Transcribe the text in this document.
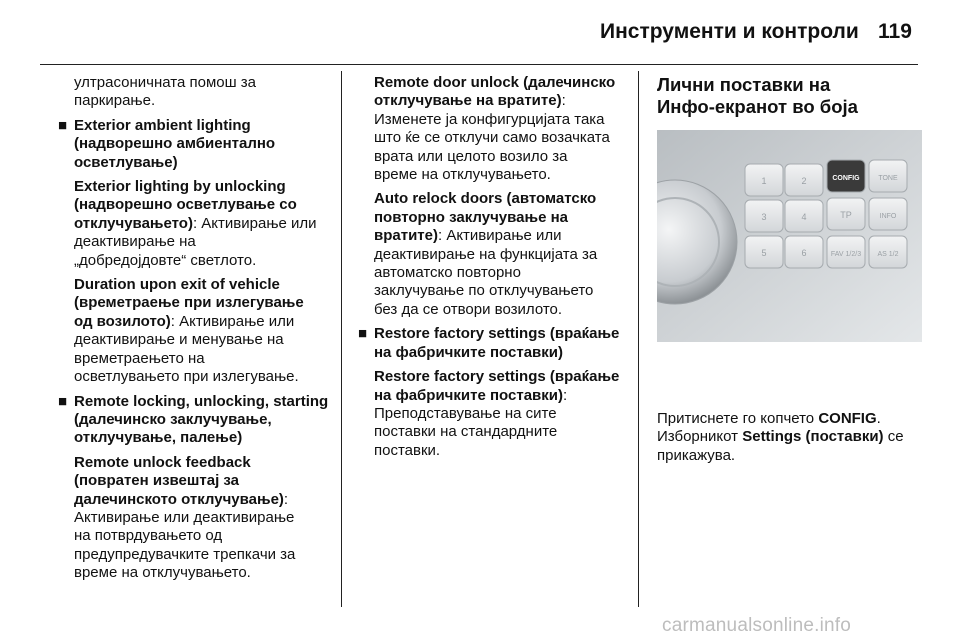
Инструменти и контроли 119

ултрасоничната помош за

паркирање.

■ Exterior ambient lighting

(надворешно амбиентално

осветлување)

Exterior lighting by unlocking

(надворешно осветлување со

отклучувањето): Активирање или

деактивирање на

„добредојдовте“ светлото.

Duration upon exit of vehicle

(времетраење при излегување

од возилото): Активирање или

деактивирање и менување на

времетраењето на

осветлувањето при излегување.

■ Remote locking, unlocking, starting

(далечинско заклучување,

отклучување, палење)

Remote unlock feedback

(повратен извештај за

далечинското отклучување):

Активирање или деактивирање

на потврдувањето од

предупредувачките трепкачи за

време на отклучувањето.

Remote door unlock (далечинско

отклучување на вратите):

Изменете ја конфигурцијата така

што ќе се отклучи само возачката

врата или целото возило за

време на отклучувањето.

Auto relock doors (автоматско

повторно заклучување на

вратите): Активирање или

деактивирање на функцијата за

автоматско повторно

заклучување по отклучувањето

без да се отвори возилото.

■ Restore factory settings (враќање

на фабричките поставки)

Restore factory settings (враќање

на фабричките поставки):

Преподставување на сите

поставки на стандардните

поставки.

Лични поставки на

Инфо-екранот во боја

1	2
3	4
5	6
CONFIG	TONE
TP	INFO
FAV 1/2/3 AS 1/2

Притиснете го копчето CONFIG.

Изборникот Settings (поставки) се

прикажува.

carmanualsonline.info
